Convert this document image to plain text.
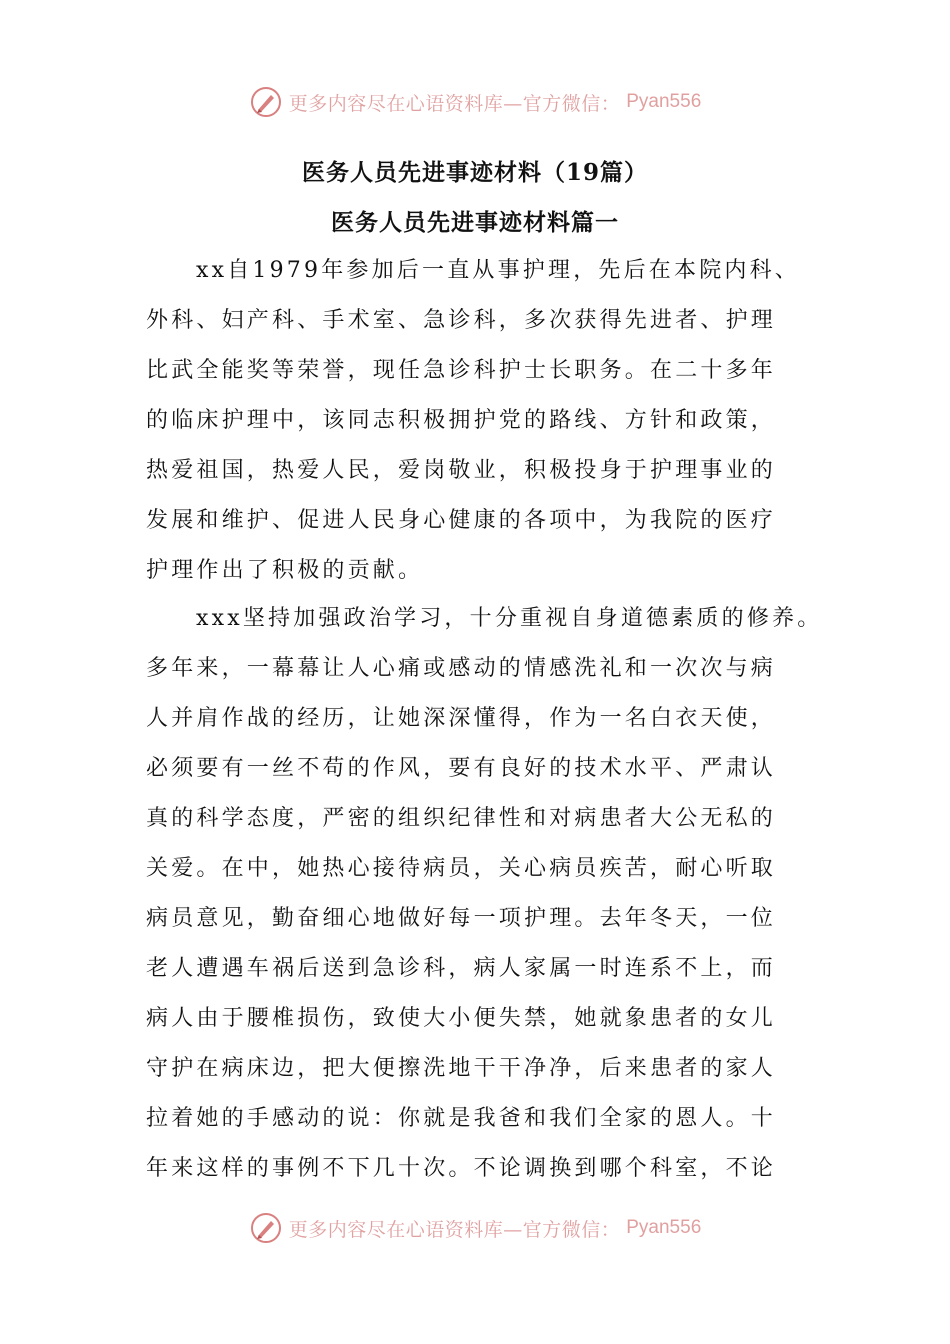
更多内容尽在心语资料库—官方微信： Pyan556
医务人员先进事迹材料（19篇）
医务人员先进事迹材料篇一
xx自1979年参加后一直从事护理，先后在本院内科、
外科、妇产科、手术室、急诊科，多次获得先进者、护理
比武全能奖等荣誉，现任急诊科护士长职务。在二十多年
的临床护理中，该同志积极拥护党的路线、方针和政策，
热爱祖国，热爱人民，爱岗敬业，积极投身于护理事业的
发展和维护、促进人民身心健康的各项中，为我院的医疗
护理作出了积极的贡献。
xxx坚持加强政治学习，十分重视自身道德素质的修养。
多年来，一幕幕让人心痛或感动的情感洗礼和一次次与病
人并肩作战的经历，让她深深懂得，作为一名白衣天使，
必须要有一丝不苟的作风，要有良好的技术水平、严肃认
真的科学态度，严密的组织纪律性和对病患者大公无私的
关爱。在中，她热心接待病员，关心病员疾苦，耐心听取
病员意见，勤奋细心地做好每一项护理。去年冬天，一位
老人遭遇车祸后送到急诊科，病人家属一时连系不上，而
病人由于腰椎损伤，致使大小便失禁，她就象患者的女儿
守护在病床边，把大便擦洗地干干净净，后来患者的家人
拉着她的手感动的说：你就是我爸和我们全家的恩人。十
年来这样的事例不下几十次。不论调换到哪个科室，不论
更多内容尽在心语资料库—官方微信： Pyan556
